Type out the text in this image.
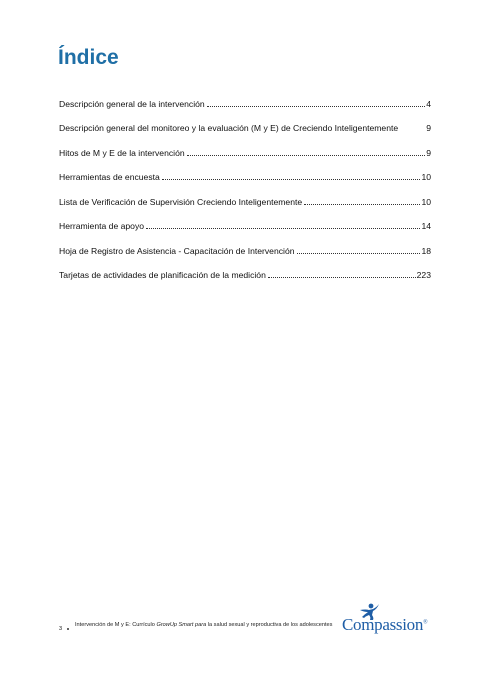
Índice
Descripción general de la intervención	4
Descripción general del monitoreo y la evaluación (M y E) de Creciendo Inteligentemente	9
Hitos de M y E de la intervención	9
Herramientas de encuesta	10
Lista de Verificación de Supervisión Creciendo Inteligentemente	10
Herramienta de apoyo	14
Hoja de Registro de Asistencia - Capacitación de Intervención	18
Tarjetas de actividades de planificación de la medición	223
3
Intervención de M y E: Currículo GrowUp Smart para la salud sexual y reproductiva de los adolescentes Compassion®
